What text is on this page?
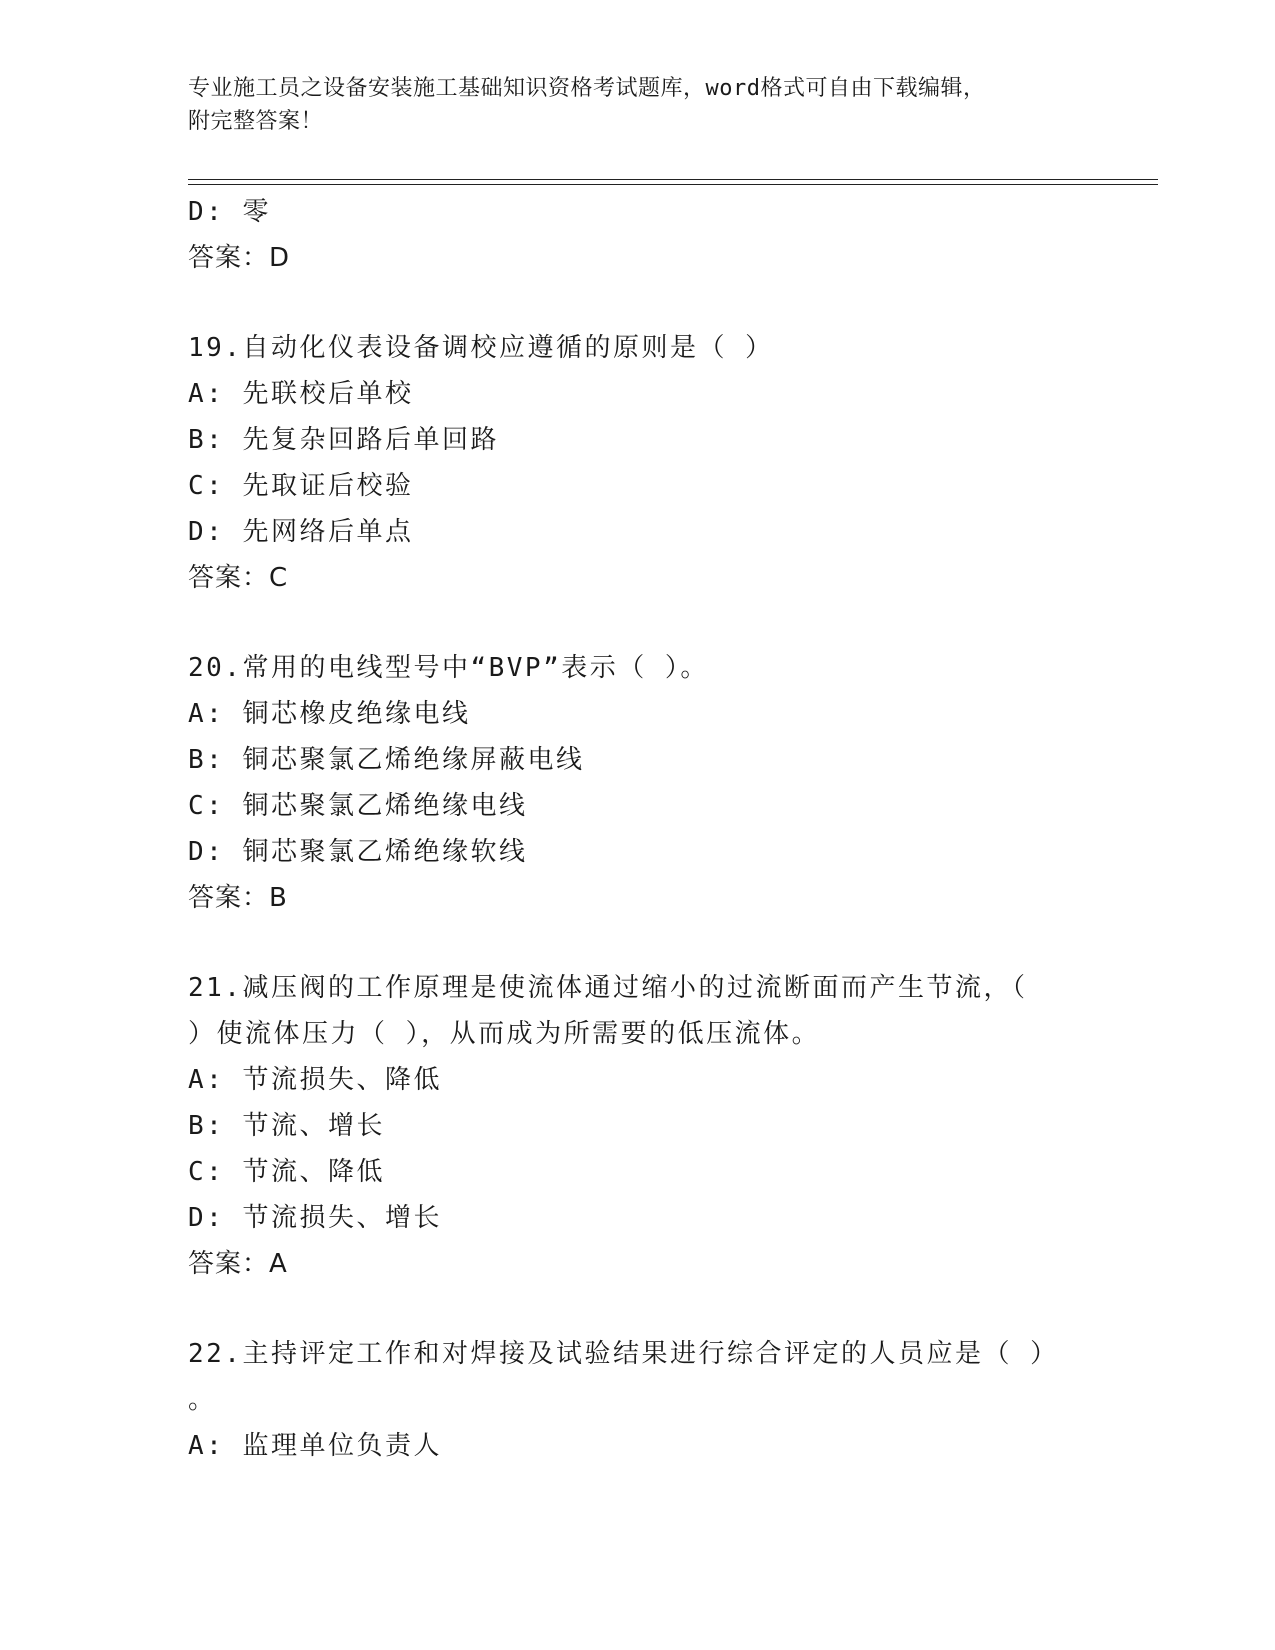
专业施工员之设备安装施工基础知识资格考试题库，word格式可自由下载编辑，
附完整答案！
D: 零
答案：D
19.自动化仪表设备调校应遵循的原则是（ ）
A: 先联校后单校
B: 先复杂回路后单回路
C: 先取证后校验
D: 先网络后单点
答案：C
20.常用的电线型号中“BVP”表示（ ）。
A: 铜芯橡皮绝缘电线
B: 铜芯聚氯乙烯绝缘屏蔽电线
C: 铜芯聚氯乙烯绝缘电线
D: 铜芯聚氯乙烯绝缘软线
答案：B
21.减压阀的工作原理是使流体通过缩小的过流断面而产生节流，（
）使流体压力（ ），从而成为所需要的低压流体。
A: 节流损失、降低
B: 节流、增长
C: 节流、降低
D: 节流损失、增长
答案：A
22.主持评定工作和对焊接及试验结果进行综合评定的人员应是（ ）
。
A: 监理单位负责人
